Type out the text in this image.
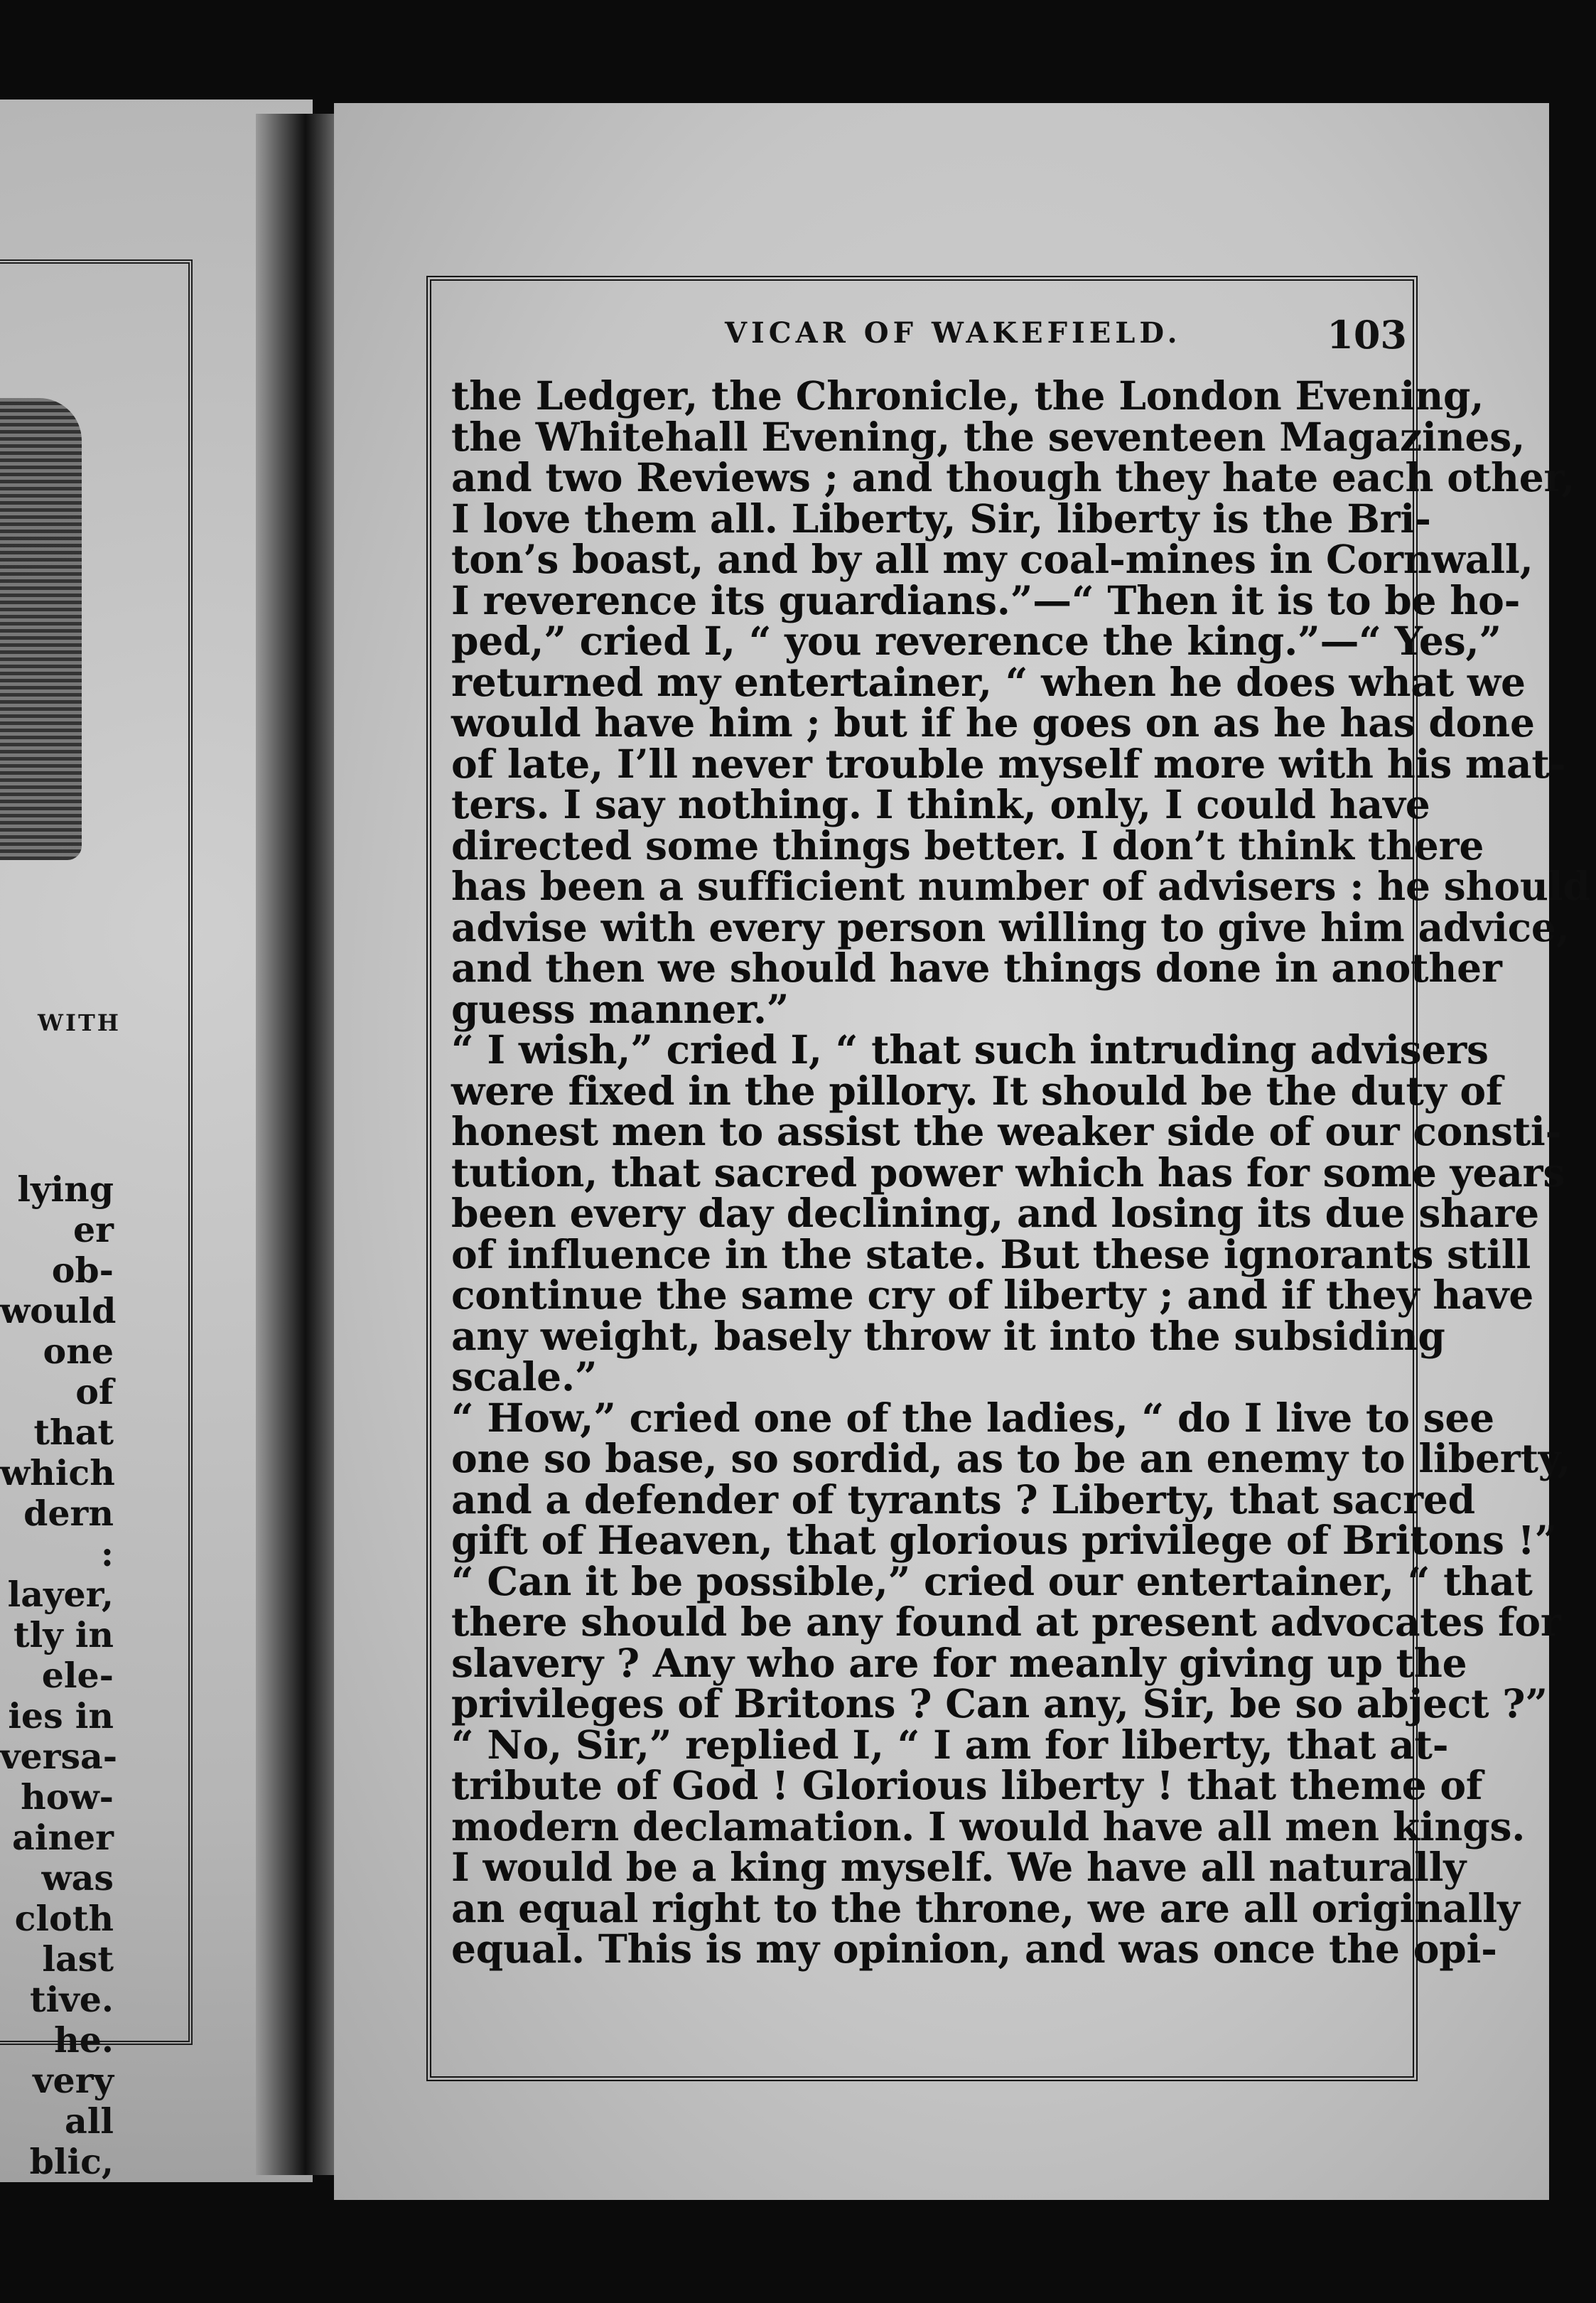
WITH
lying
er ob-
would
one of
that
which
dern :
layer,
tly in
ele-
ies in
versa-
how-
ainer
was
cloth
last
tive.
he.
very
all
blic,
VICAR OF WAKEFIELD.	103
the Ledger, the Chronicle, the London Evening,
the Whitehall Evening, the seventeen Magazines,
and two Reviews ; and though they hate each other,
I love them all. Liberty, Sir, liberty is the Bri-
ton’s boast, and by all my coal-mines in Cornwall,
I reverence its guardians.”—“ Then it is to be ho-
ped,” cried I, “ you reverence the king.”—“ Yes,”
returned my entertainer, “ when he does what we
would have him ; but if he goes on as he has done
of late, I’ll never trouble myself more with his mat-
ters. I say nothing. I think, only, I could have
directed some things better. I don’t think there
has been a sufficient number of advisers : he should
advise with every person willing to give him advice,
and then we should have things done in another
guess manner.”
“ I wish,” cried I, “ that such intruding advisers
were fixed in the pillory. It should be the duty of
honest men to assist the weaker side of our consti-
tution, that sacred power which has for some years
been every day declining, and losing its due share
of influence in the state. But these ignorants still
continue the same cry of liberty ; and if they have
any weight, basely throw it into the subsiding
scale.”
“ How,” cried one of the ladies, “ do I live to see
one so base, so sordid, as to be an enemy to liberty,
and a defender of tyrants ? Liberty, that sacred
gift of Heaven, that glorious privilege of Britons !”
“ Can it be possible,” cried our entertainer, “ that
there should be any found at present advocates for
slavery ? Any who are for meanly giving up the
privileges of Britons ? Can any, Sir, be so abject ?”
“ No, Sir,” replied I, “ I am for liberty, that at-
tribute of God ! Glorious liberty ! that theme of
modern declamation. I would have all men kings.
I would be a king myself. We have all naturally
an equal right to the throne, we are all originally
equal. This is my opinion, and was once the opi-
